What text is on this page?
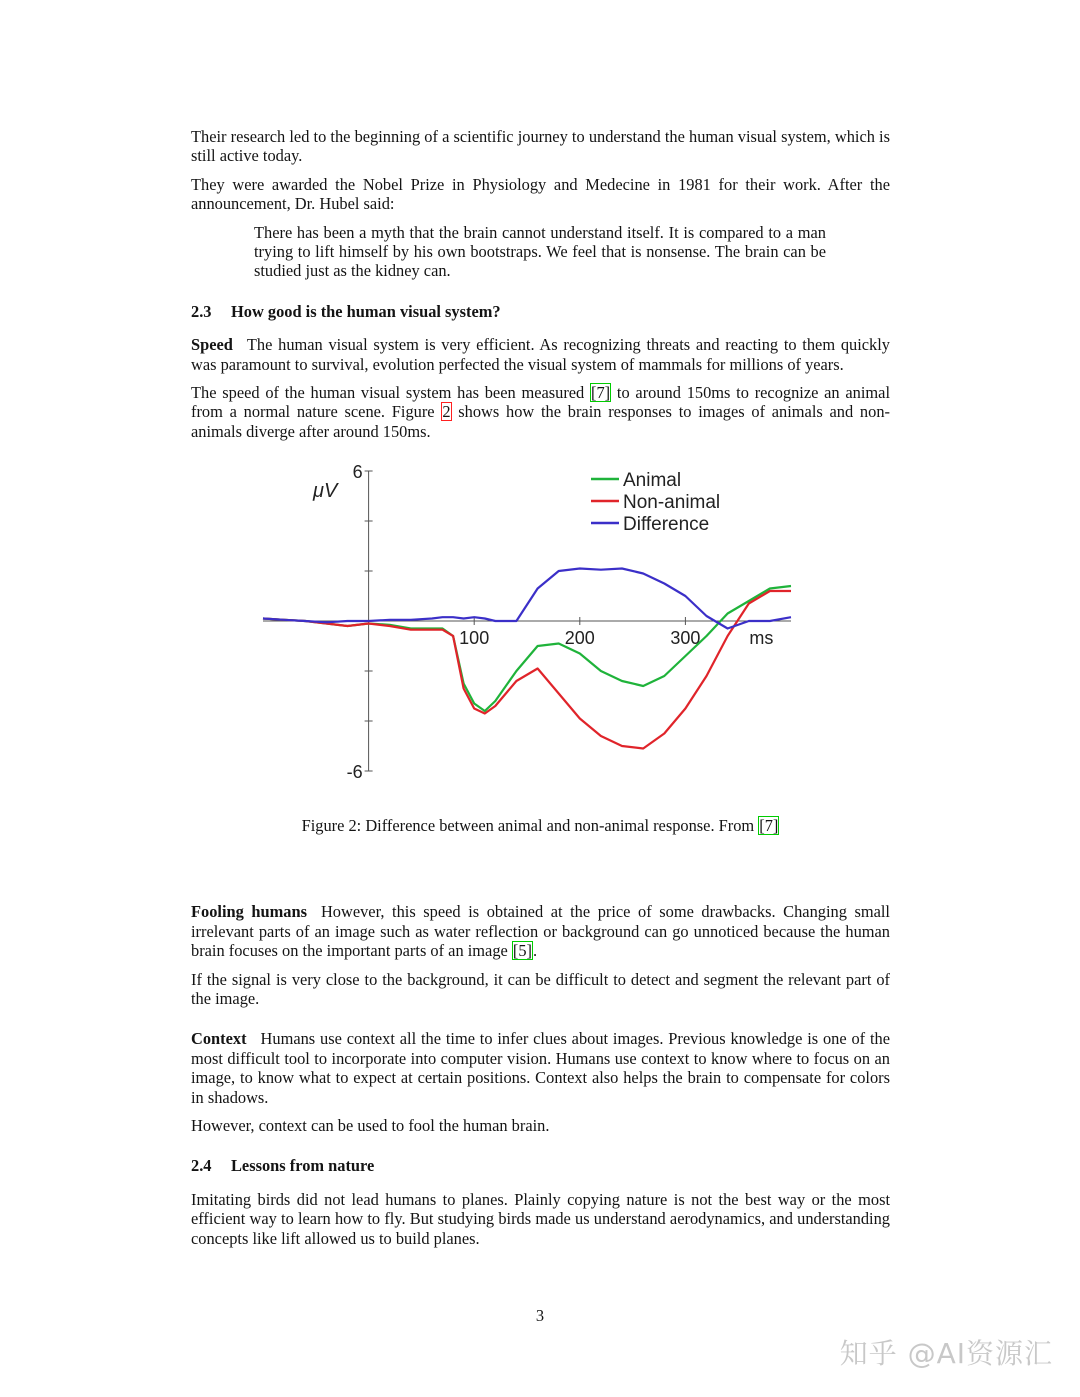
Their research led to the beginning of a scientific journey to understand the human visual system, which is still active today.

They were awarded the Nobel Prize in Physiology and Medecine in 1981 for their work. After the announcement, Dr. Hubel said:

There has been a myth that the brain cannot understand itself. It is compared to a man trying to lift himself by his own bootstraps. We feel that is nonsense. The brain can be studied just as the kidney can.

2.3 How good is the human visual system?

Speed The human visual system is very efficient. As recognizing threats and reacting to them quickly was paramount to survival, evolution perfected the visual system of mammals for millions of years.

The speed of the human visual system has been measured [7] to around 150ms to recognize an animal from a normal nature scene. Figure 2 shows how the brain responses to images of animals and non-animals diverge after around 150ms.

6
-6
100	200	300	ms
μV	Animal
Non-animal
Difference

Figure 2: Difference between animal and non-animal response. From [7]

Fooling humans However, this speed is obtained at the price of some drawbacks. Changing small irrelevant parts of an image such as water reflection or background can go unnoticed because the human brain focuses on the important parts of an image [5].

If the signal is very close to the background, it can be difficult to detect and segment the relevant part of the image.

Context Humans use context all the time to infer clues about images. Previous knowledge is one of the most difficult tool to incorporate into computer vision. Humans use context to know where to focus on an image, to know what to expect at certain positions. Context also helps the brain to compensate for colors in shadows.

However, context can be used to fool the human brain.

2.4 Lessons from nature

Imitating birds did not lead humans to planes. Plainly copying nature is not the best way or the most efficient way to learn how to fly. But studying birds made us understand aerodynamics, and understanding concepts like lift allowed us to build planes.

3
知乎 @AI资源汇
